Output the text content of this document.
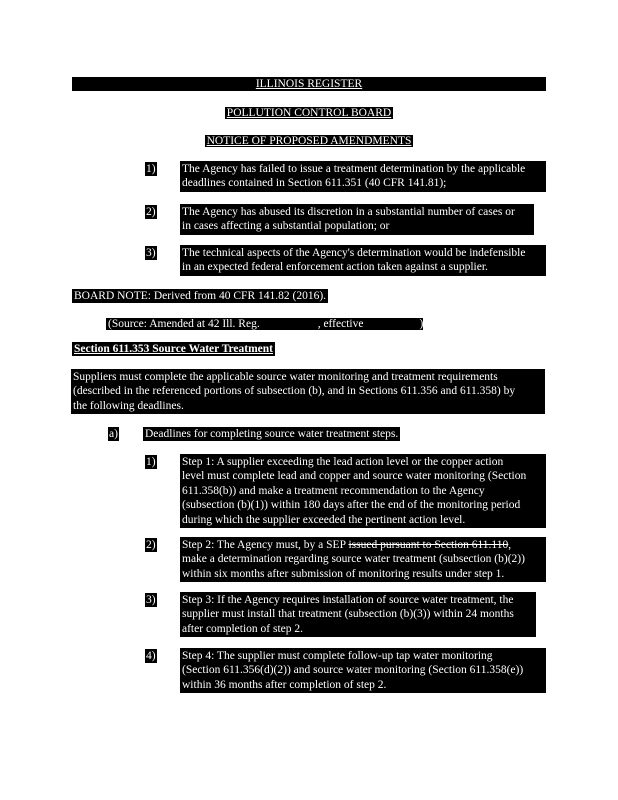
ILLINOIS REGISTER
POLLUTION CONTROL BOARD
NOTICE OF PROPOSED AMENDMENTS
1) The Agency has failed to issue a treatment determination by the applicable
deadlines contained in Section 611.351 (40 CFR 141.81);
2) The Agency has abused its discretion in a substantial number of cases or
in cases affecting a substantial population; or
3) The technical aspects of the Agency's determination would be indefensible
in an expected federal enforcement action taken against a supplier.
BOARD NOTE: Derived from 40 CFR 141.82 (2016).
(Source: Amended at 42 Ill. Reg.	, effective	)
Section 611.353 Source Water Treatment
Suppliers must complete the applicable source water monitoring and treatment requirements
(described in the referenced portions of subsection (b), and in Sections 611.356 and 611.358) by
the following deadlines.
a) Deadlines for completing source water treatment steps.
1) Step 1: A supplier exceeding the lead action level or the copper action
level must complete lead and copper and source water monitoring (Section
611.358(b)) and make a treatment recommendation to the Agency
(subsection (b)(1)) within 180 days after the end of the monitoring period
during which the supplier exceeded the pertinent action level.
2) Step 2: The Agency must, by a SEP issued pursuant to Section 611.110,
make a determination regarding source water treatment (subsection (b)(2))
within six months after submission of monitoring results under step 1.
3) Step 3: If the Agency requires installation of source water treatment, the
supplier must install that treatment (subsection (b)(3)) within 24 months
after completion of step 2.
4) Step 4: The supplier must complete follow-up tap water monitoring
(Section 611.356(d)(2)) and source water monitoring (Section 611.358(e))
within 36 months after completion of step 2.
